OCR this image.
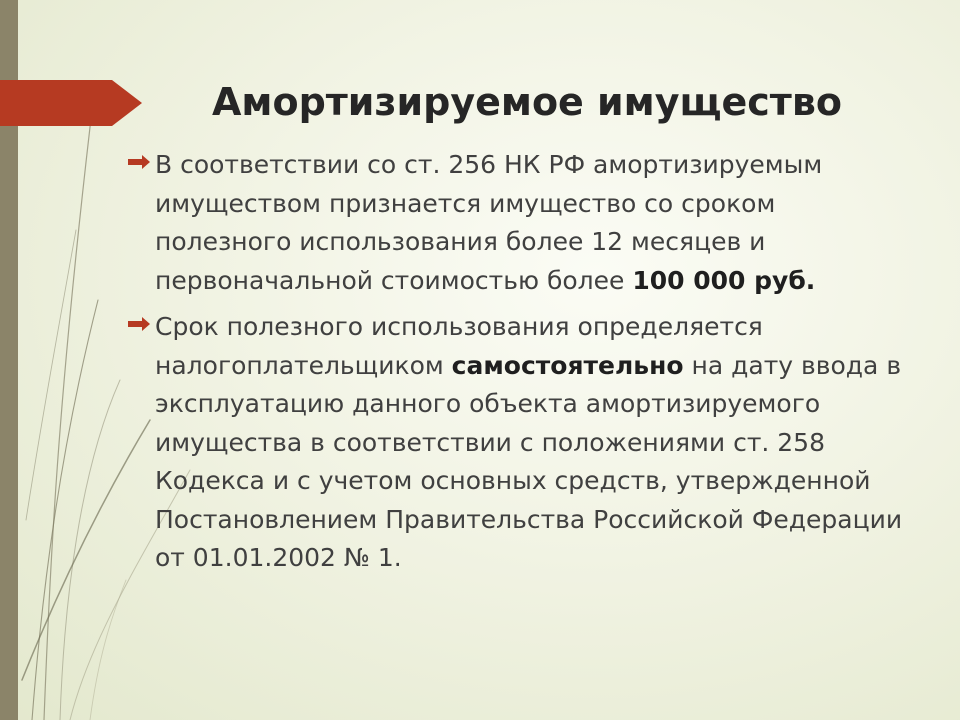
Амортизируемое имущество
В соответствии со ст. 256 НК РФ амортизируемым имуществом признается имущество со сроком полезного использования более 12 месяцев и первоначальной стоимостью более 100 000 руб.
Срок полезного использования определяется налогоплательщиком самостоятельно на дату ввода в эксплуатацию данного объекта амортизируемого имущества в соответствии с положениями ст. 258 Кодекса и с учетом основных средств, утвержденной Постановлением Правительства Российской Федерации от 01.01.2002 № 1.
